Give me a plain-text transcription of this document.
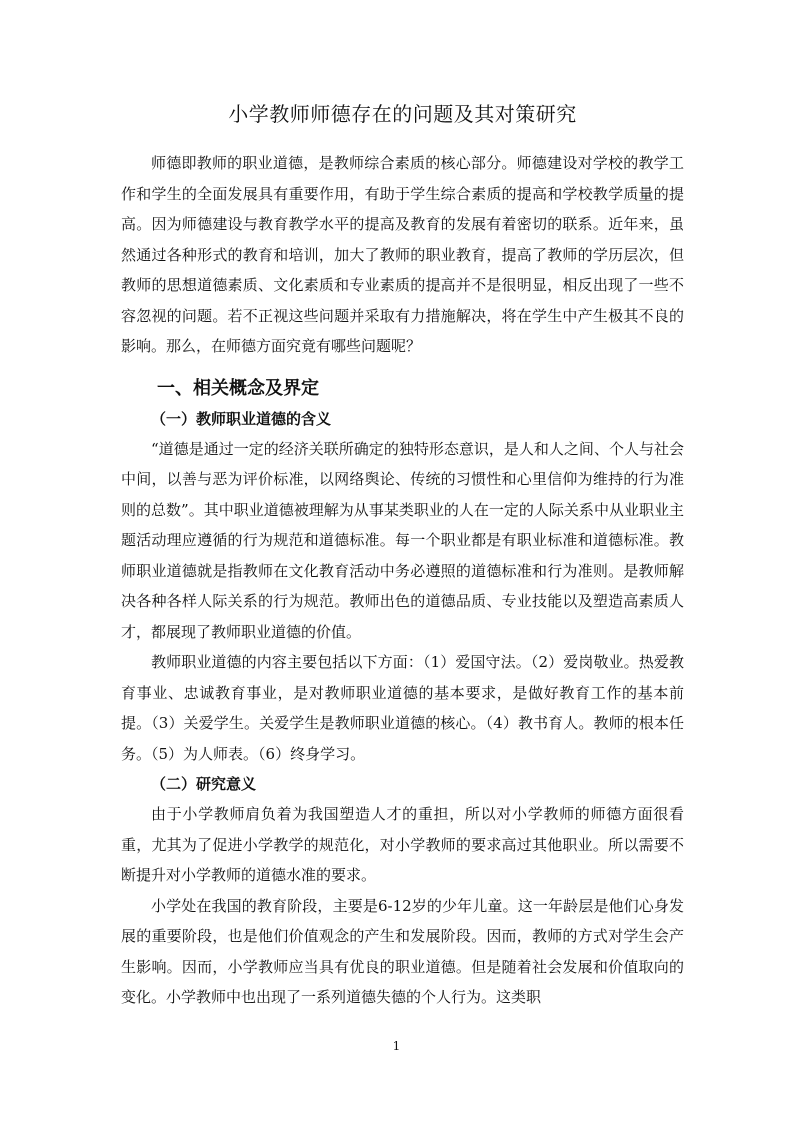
小学教师师德存在的问题及其对策研究

师德即教师的职业道德，是教师综合素质的核心部分。师德建设对学校的教学工作和学生的全面发展具有重要作用，有助于学生综合素质的提高和学校教学质量的提高。因为师德建设与教育教学水平的提高及教育的发展有着密切的联系。近年来，虽然通过各种形式的教育和培训，加大了教师的职业教育，提高了教师的学历层次，但教师的思想道德素质、文化素质和专业素质的提高并不是很明显，相反出现了一些不容忽视的问题。若不正视这些问题并采取有力措施解决，将在学生中产生极其不良的影响。那么，在师德方面究竟有哪些问题呢？

一、相关概念及界定
（一）教师职业道德的含义

“道德是通过一定的经济关联所确定的独特形态意识，是人和人之间、个人与社会中间，以善与恶为评价标准，以网络舆论、传统的习惯性和心里信仰为维持的行为准则的总数”。其中职业道德被理解为从事某类职业的人在一定的人际关系中从业职业主题活动理应遵循的行为规范和道德标准。每一个职业都是有职业标准和道德标准。教师职业道德就是指教师在文化教育活动中务必遵照的道德标准和行为准则。是教师解决各种各样人际关系的行为规范。教师出色的道德品质、专业技能以及塑造高素质人才，都展现了教师职业道德的价值。

教师职业道德的内容主要包括以下方面：（1）爱国守法。（2）爱岗敬业。热爱教育事业、忠诚教育事业，是对教师职业道德的基本要求，是做好教育工作的基本前提。（3）关爱学生。关爱学生是教师职业道德的核心。（4）教书育人。教师的根本任务。（5）为人师表。（6）终身学习。

（二）研究意义

由于小学教师肩负着为我国塑造人才的重担，所以对小学教师的师德方面很看重，尤其为了促进小学教学的规范化，对小学教师的要求高过其他职业。所以需要不断提升对小学教师的道德水准的要求。

小学处在我国的教育阶段，主要是6-12岁的少年儿童。这一年龄层是他们心身发展的重要阶段，也是他们价值观念的产生和发展阶段。因而，教师的方式对学生会产生影响。因而，小学教师应当具有优良的职业道德。但是随着社会发展和价值取向的变化。小学教师中也出现了一系列道德失德的个人行为。这类职

1
